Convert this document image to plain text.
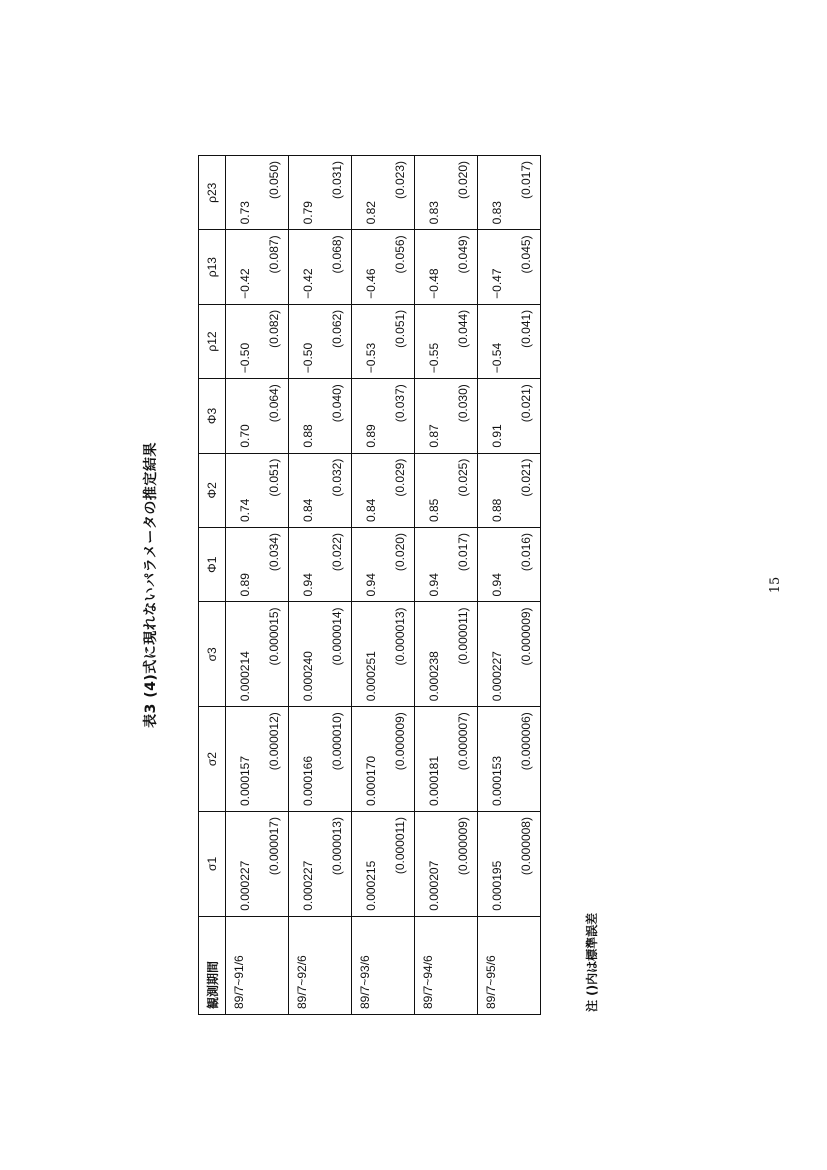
表3 (4)式に現れないパラメータの推定結果
観測期間	σ1	σ2	σ3	Φ1	Φ2	Φ3	ρ12	ρ13	ρ23
89/7~91/6	0.000227	0.000157	0.000214	0.89	0.74	0.70	−0.50	−0.42	0.73
	(0.000017)	(0.000012)	(0.000015)	(0.034)	(0.051)	(0.064)	(0.082)	(0.087)	(0.050)
89/7~92/6	0.000227	0.000166	0.000240	0.94	0.84	0.88	−0.50	−0.42	0.79
	(0.000013)	(0.000010)	(0.000014)	(0.022)	(0.032)	(0.040)	(0.062)	(0.068)	(0.031)
89/7~93/6	0.000215	0.000170	0.000251	0.94	0.84	0.89	−0.53	−0.46	0.82
	(0.000011)	(0.000009)	(0.000013)	(0.020)	(0.029)	(0.037)	(0.051)	(0.056)	(0.023)
89/7~94/6	0.000207	0.000181	0.000238	0.94	0.85	0.87	−0.55	−0.48	0.83
	(0.000009)	(0.000007)	(0.000011)	(0.017)	(0.025)	(0.030)	(0.044)	(0.049)	(0.020)
89/7~95/6	0.000195	0.000153	0.000227	0.94	0.88	0.91	−0.54	−0.47	0.83
	(0.000008)	(0.000006)	(0.000009)	(0.016)	(0.021)	(0.021)	(0.041)	(0.045)	(0.017)
注 ()内は標準誤差
15
